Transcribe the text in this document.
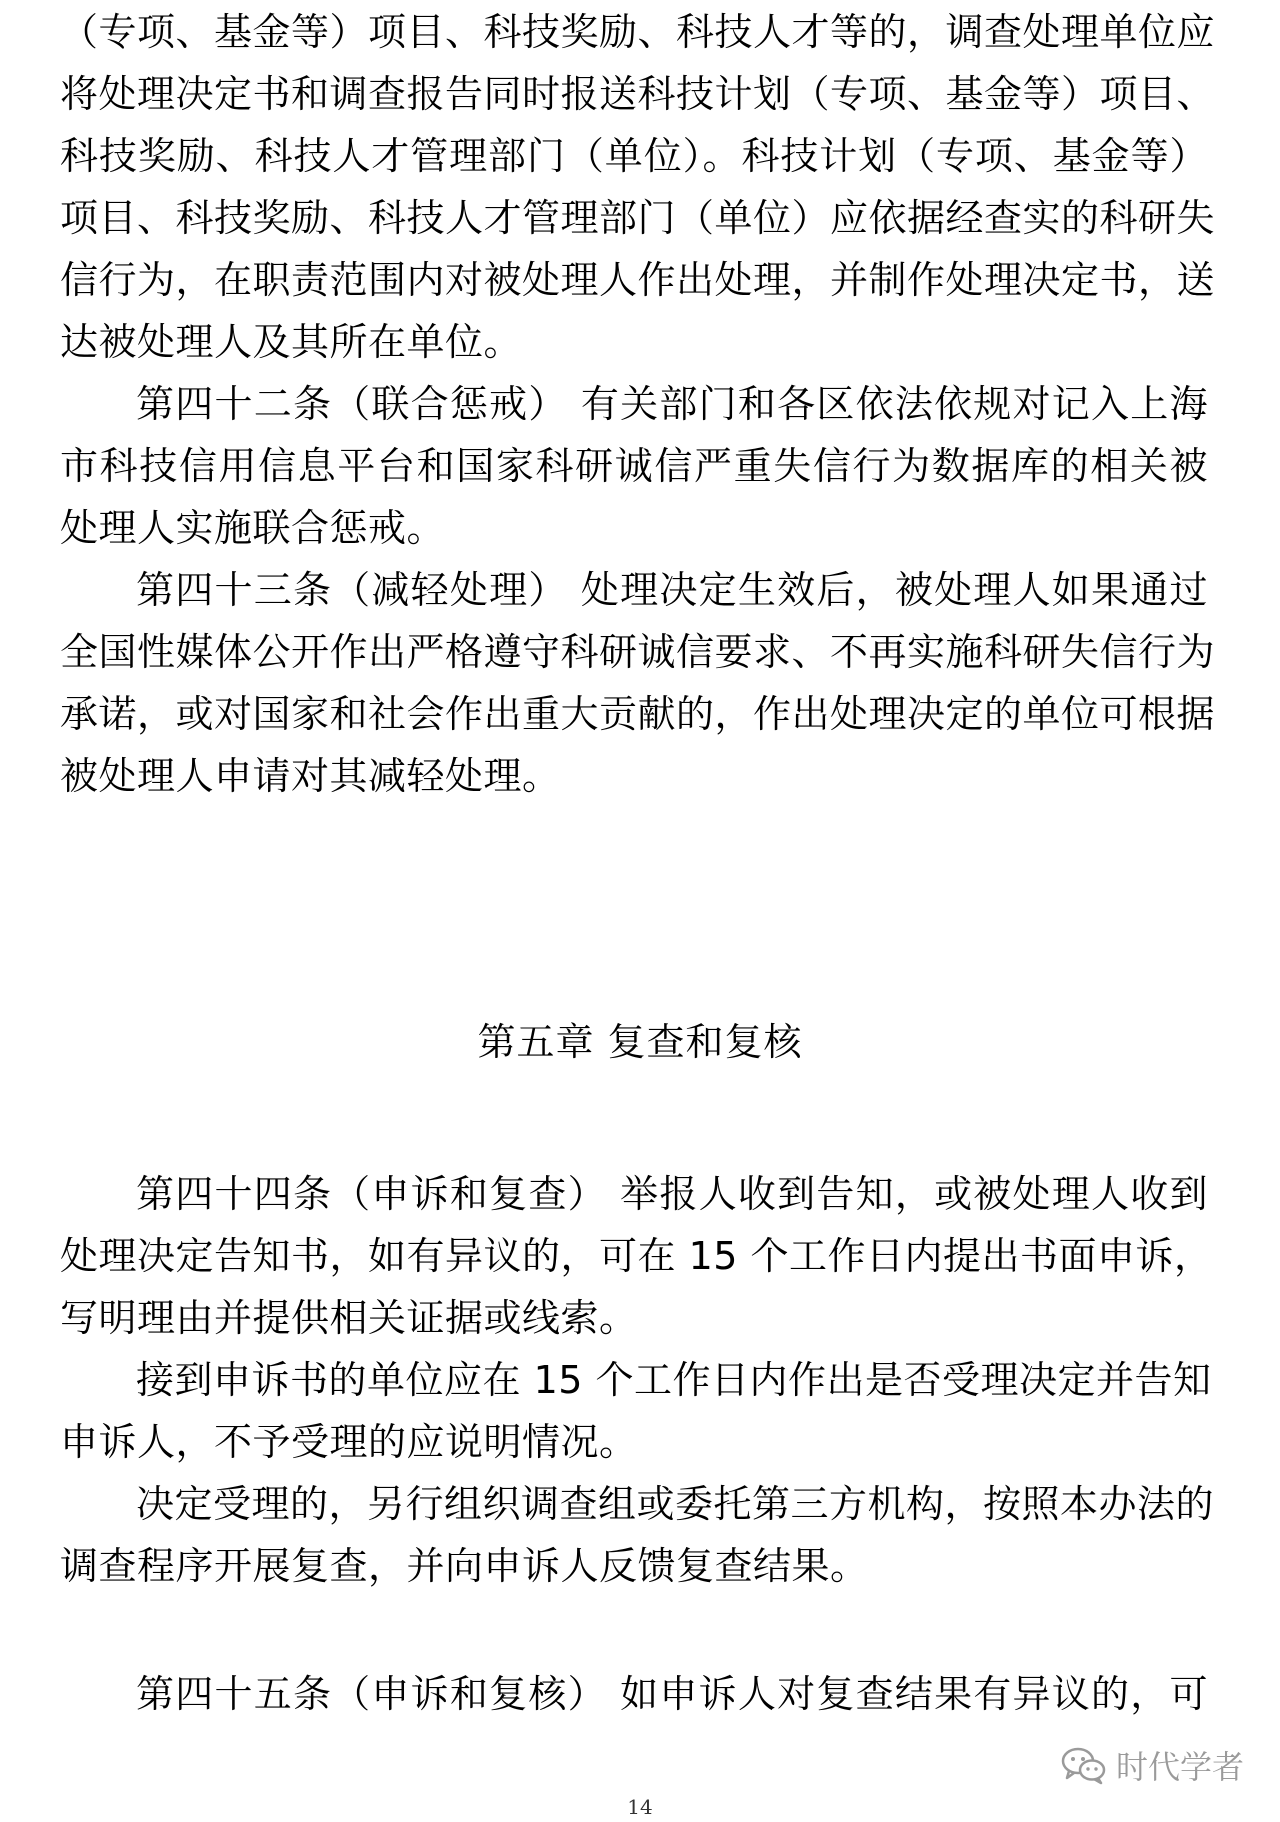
（专项、基金等）项目、科技奖励、科技人才等的，调查处理单位应
将处理决定书和调查报告同时报送科技计划（专项、基金等）项目、
科技奖励、科技人才管理部门（单位）。科技计划（专项、基金等）
项目、科技奖励、科技人才管理部门（单位）应依据经查实的科研失
信行为，在职责范围内对被处理人作出处理，并制作处理决定书，送
达被处理人及其所在单位。
第四十二条（联合惩戒） 有关部门和各区依法依规对记入上海
市科技信用信息平台和国家科研诚信严重失信行为数据库的相关被
处理人实施联合惩戒。
第四十三条（减轻处理） 处理决定生效后，被处理人如果通过
全国性媒体公开作出严格遵守科研诚信要求、不再实施科研失信行为
承诺，或对国家和社会作出重大贡献的，作出处理决定的单位可根据
被处理人申请对其减轻处理。
第五章 复查和复核
第四十四条（申诉和复查） 举报人收到告知，或被处理人收到
处理决定告知书，如有异议的，可在 15 个工作日内提出书面申诉，
写明理由并提供相关证据或线索。
接到申诉书的单位应在 15 个工作日内作出是否受理决定并告知
申诉人，不予受理的应说明情况。
决定受理的，另行组织调查组或委托第三方机构，按照本办法的
调查程序开展复查，并向申诉人反馈复查结果。
第四十五条（申诉和复核） 如申诉人对复查结果有异议的，可
时代学者
14
